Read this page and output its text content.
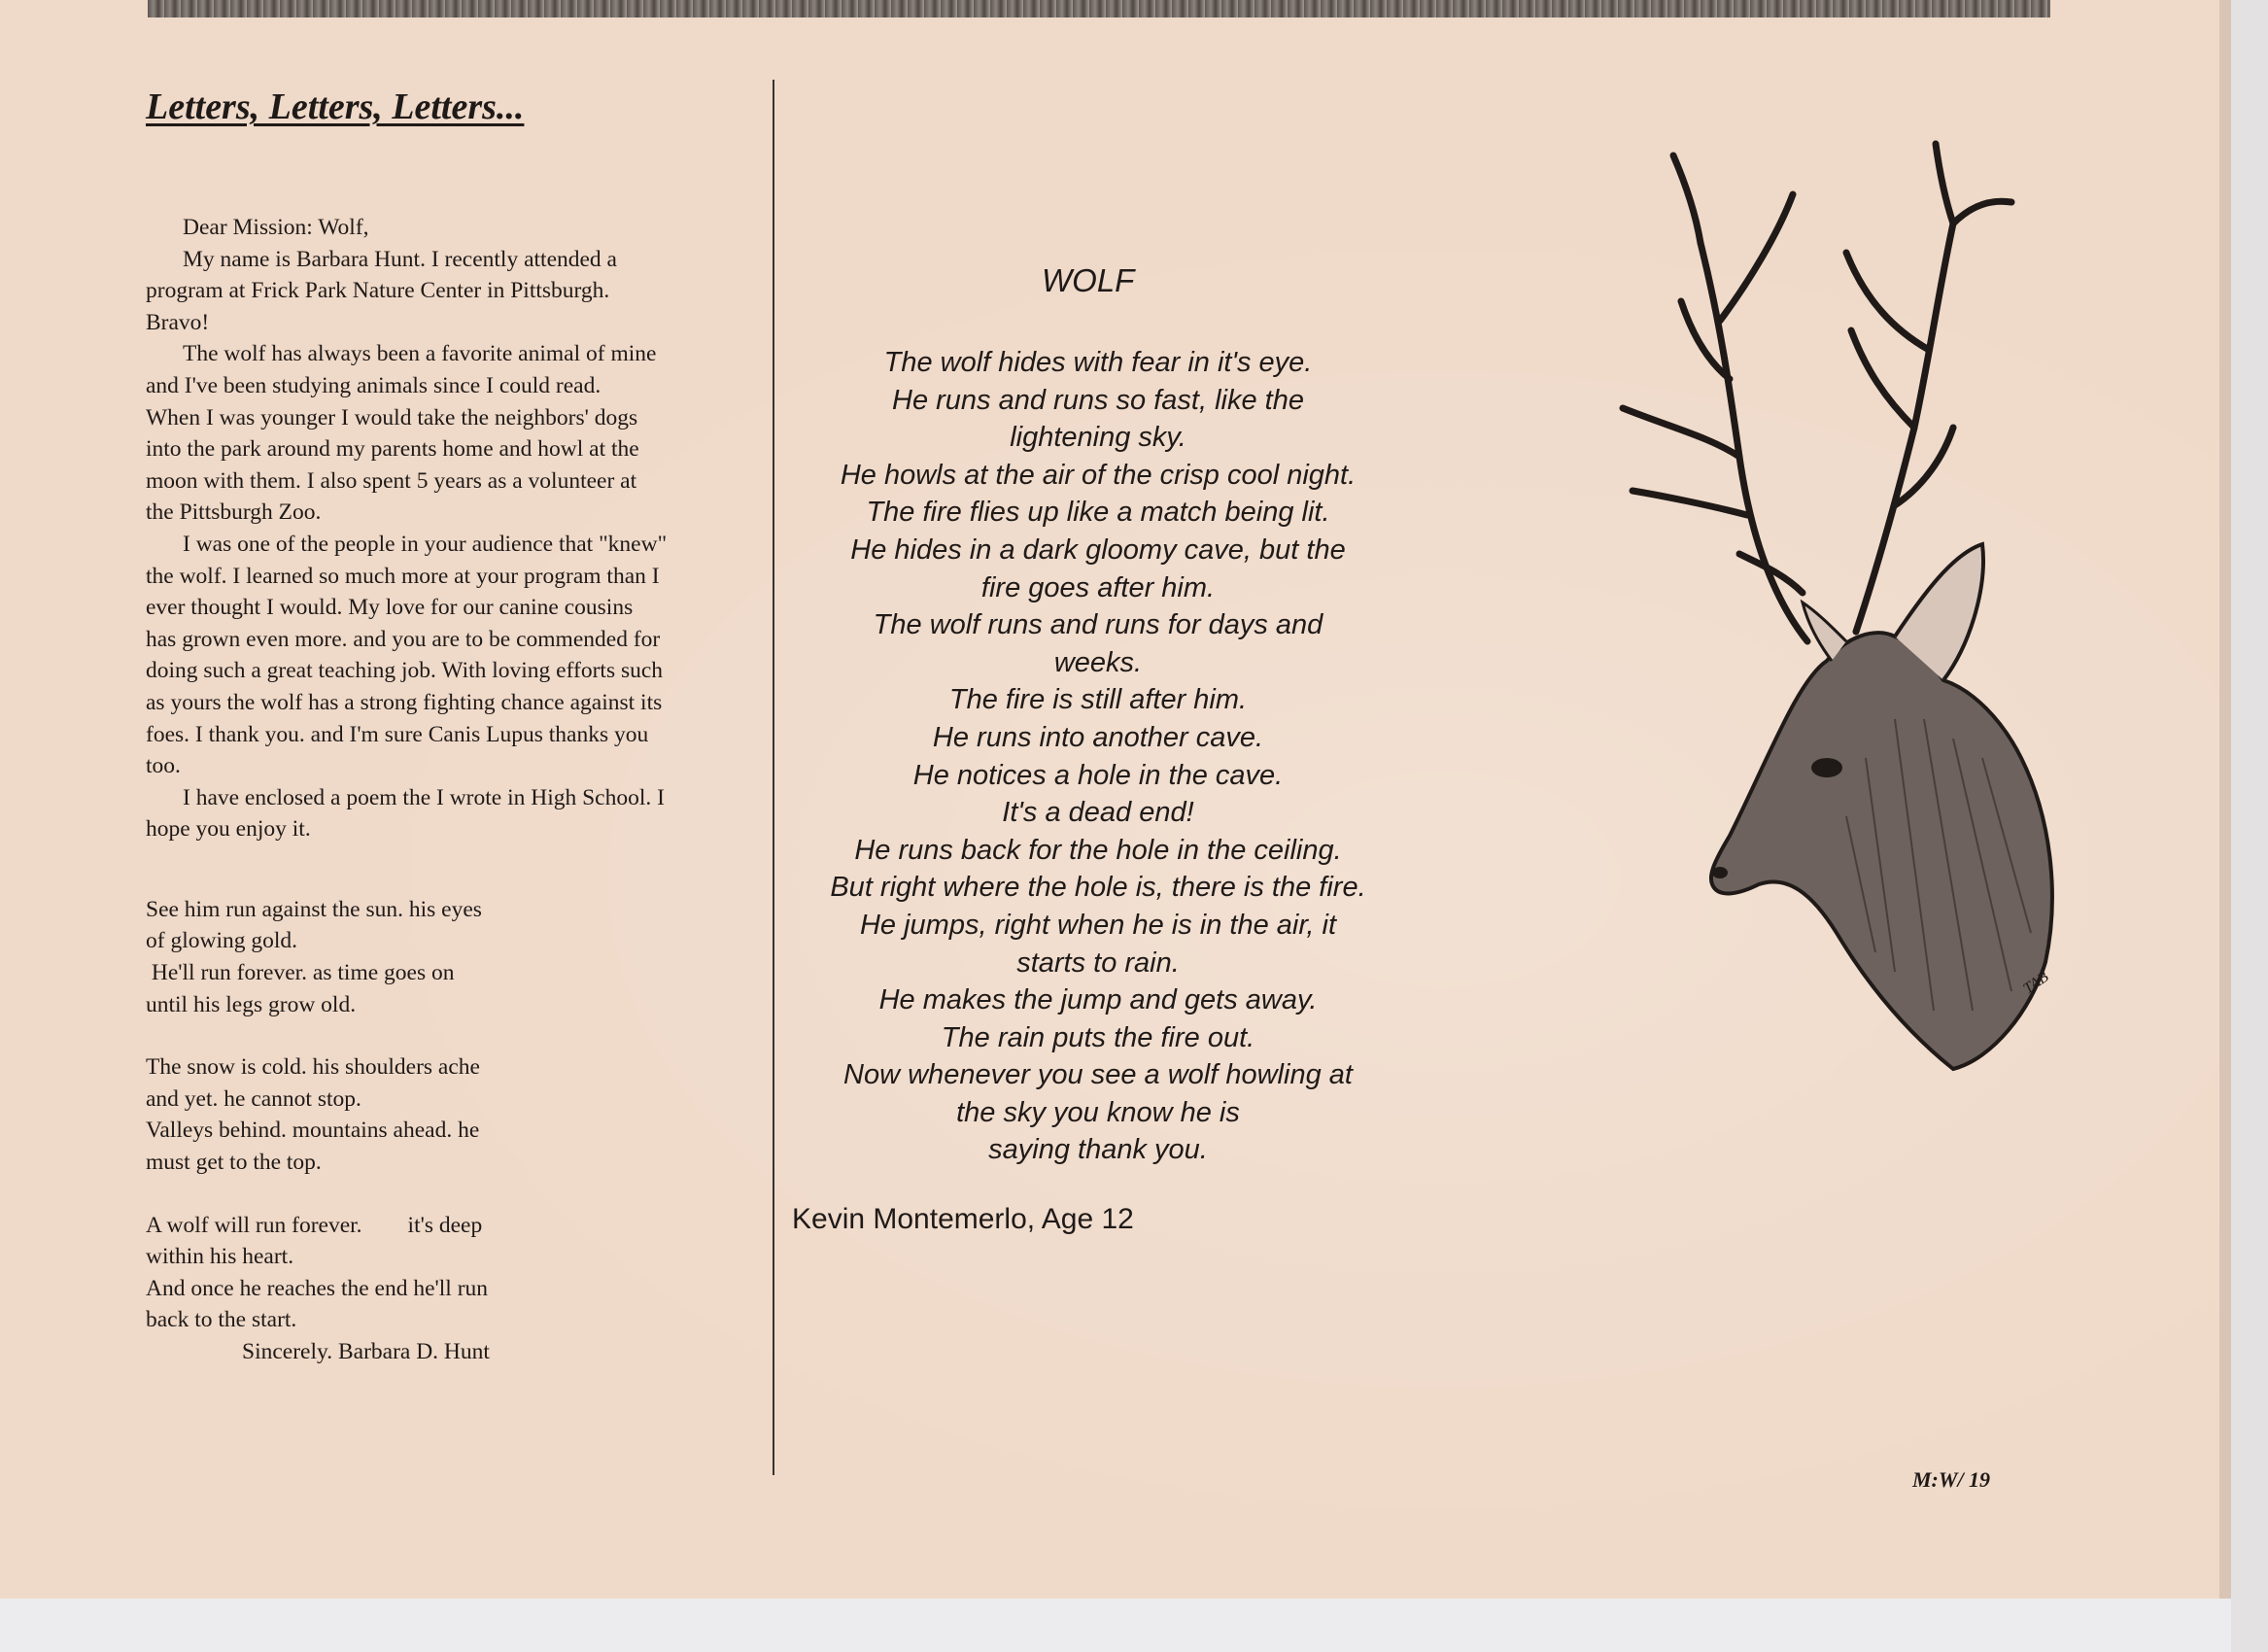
Letters, Letters, Letters...
Dear Mission: Wolf,
My name is Barbara Hunt. I recently attended a
program at Frick Park Nature Center in Pittsburgh.
Bravo!
The wolf has always been a favorite animal of mine
and I've been studying animals since I could read.
When I was younger I would take the neighbors' dogs
into the park around my parents home and howl at the
moon with them. I also spent 5 years as a volunteer at
the Pittsburgh Zoo.
I was one of the people in your audience that "knew"
the wolf. I learned so much more at your program than I
ever thought I would. My love for our canine cousins
has grown even more. and you are to be commended for
doing such a great teaching job. With loving efforts such
as yours the wolf has a strong fighting chance against its
foes. I thank you. and I'm sure Canis Lupus thanks you
too.
I have enclosed a poem the I wrote in High School. I
hope you enjoy it.
See him run against the sun. his eyes
of glowing gold.
He'll run forever. as time goes on
until his legs grow old.
The snow is cold. his shoulders ache
and yet. he cannot stop.
Valleys behind. mountains ahead. he
must get to the top.
A wolf will run forever.        it's deep
within his heart.
And once he reaches the end he'll run
back to the start.
Sincerely. Barbara D. Hunt
WOLF
The wolf hides with fear in it's eye.
He runs and runs so fast, like the
lightening sky.
He howls at the air of the crisp cool night.
The fire flies up like a match being lit.
He hides in a dark gloomy cave, but the
fire goes after him.
The wolf runs and runs for days and
weeks.
The fire is still after him.
He runs into another cave.
He notices a hole in the cave.
It's a dead end!
He runs back for the hole in the ceiling.
But right where the hole is, there is the fire.
He jumps, right when he is in the air, it
starts to rain.
He makes the jump and gets away.
The rain puts the fire out.
Now whenever you see a wolf howling at
the sky you know he is
saying thank you.
Kevin Montemerlo, Age 12
TAB
M:W/ 19
